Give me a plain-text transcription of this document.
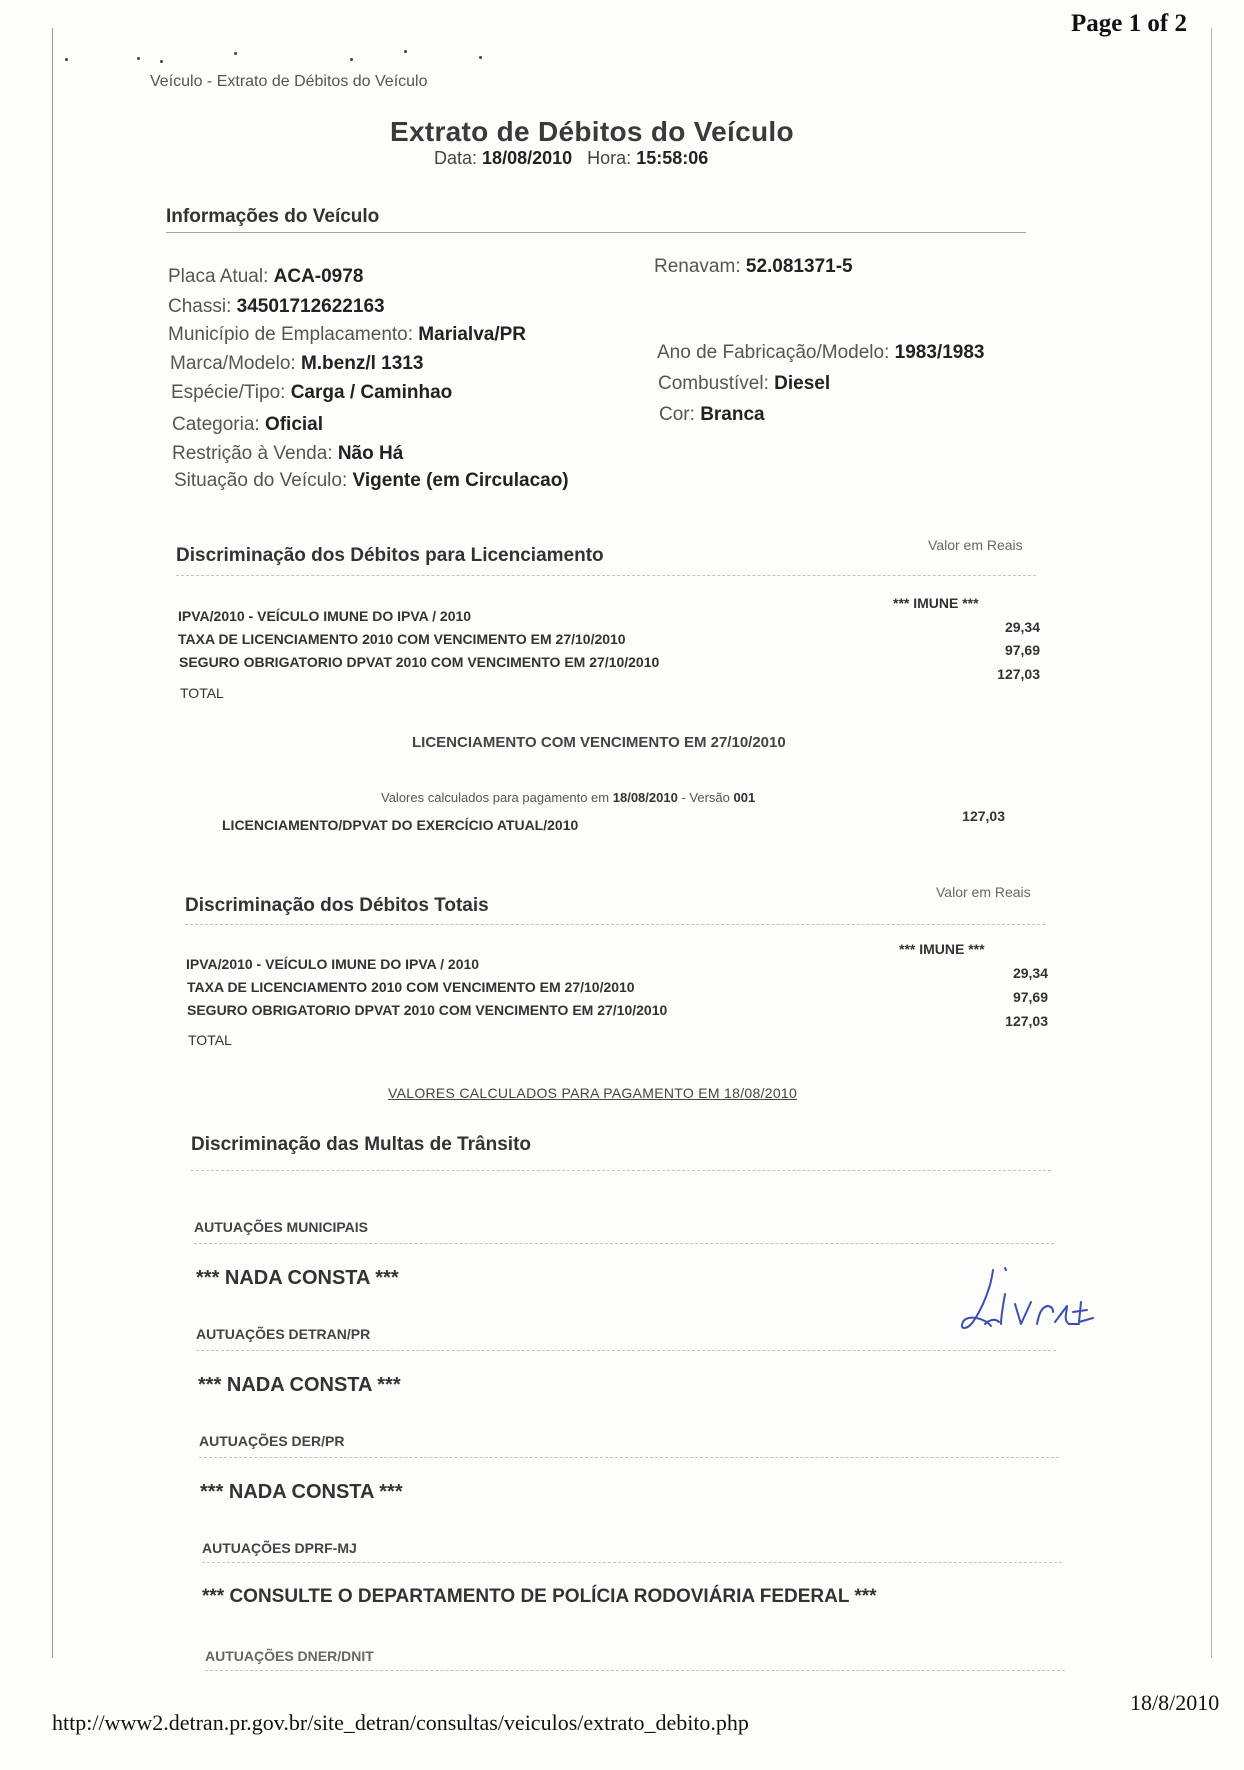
Page 1 of 2
Veículo - Extrato de Débitos do Veículo
Extrato de Débitos do Veículo
Data: 18/08/2010 Hora: 15:58:06
Informações do Veículo
Placa Atual: ACA-0978
Chassi: 34501712622163
Município de Emplacamento: Marialva/PR
Marca/Modelo: M.benz/l 1313
Espécie/Tipo: Carga / Caminhao
Categoria: Oficial
Restrição à Venda: Não Há
Situação do Veículo: Vigente (em Circulacao)
Renavam: 52.081371-5
Ano de Fabricação/Modelo: 1983/1983
Combustível: Diesel
Cor: Branca
Discriminação dos Débitos para Licenciamento	Valor em Reais
IPVA/2010 - VEÍCULO IMUNE DO IPVA / 2010
TAXA DE LICENCIAMENTO 2010 COM VENCIMENTO EM 27/10/2010
SEGURO OBRIGATORIO DPVAT 2010 COM VENCIMENTO EM 27/10/2010
TOTAL
*** IMUNE ***
29,34
97,69
127,03
LICENCIAMENTO COM VENCIMENTO EM 27/10/2010
Valores calculados para pagamento em 18/08/2010 - Versão 001
LICENCIAMENTO/DPVAT DO EXERCÍCIO ATUAL/2010
127,03
Discriminação dos Débitos Totais
Valor em Reais
IPVA/2010 - VEÍCULO IMUNE DO IPVA / 2010
TAXA DE LICENCIAMENTO 2010 COM VENCIMENTO EM 27/10/2010
SEGURO OBRIGATORIO DPVAT 2010 COM VENCIMENTO EM 27/10/2010
TOTAL
*** IMUNE ***
29,34
97,69
127,03
VALORES CALCULADOS PARA PAGAMENTO EM 18/08/2010
Discriminação das Multas de Trânsito
AUTUAÇÕES MUNICIPAIS
*** NADA CONSTA ***
AUTUAÇÕES DETRAN/PR
*** NADA CONSTA ***
AUTUAÇÕES DER/PR
*** NADA CONSTA ***
AUTUAÇÕES DPRF-MJ
*** CONSULTE O DEPARTAMENTO DE POLÍCIA RODOVIÁRIA FEDERAL ***
AUTUAÇÕES DNER/DNIT
http://www2.detran.pr.gov.br/site_detran/consultas/veiculos/extrato_debito.php
18/8/2010
